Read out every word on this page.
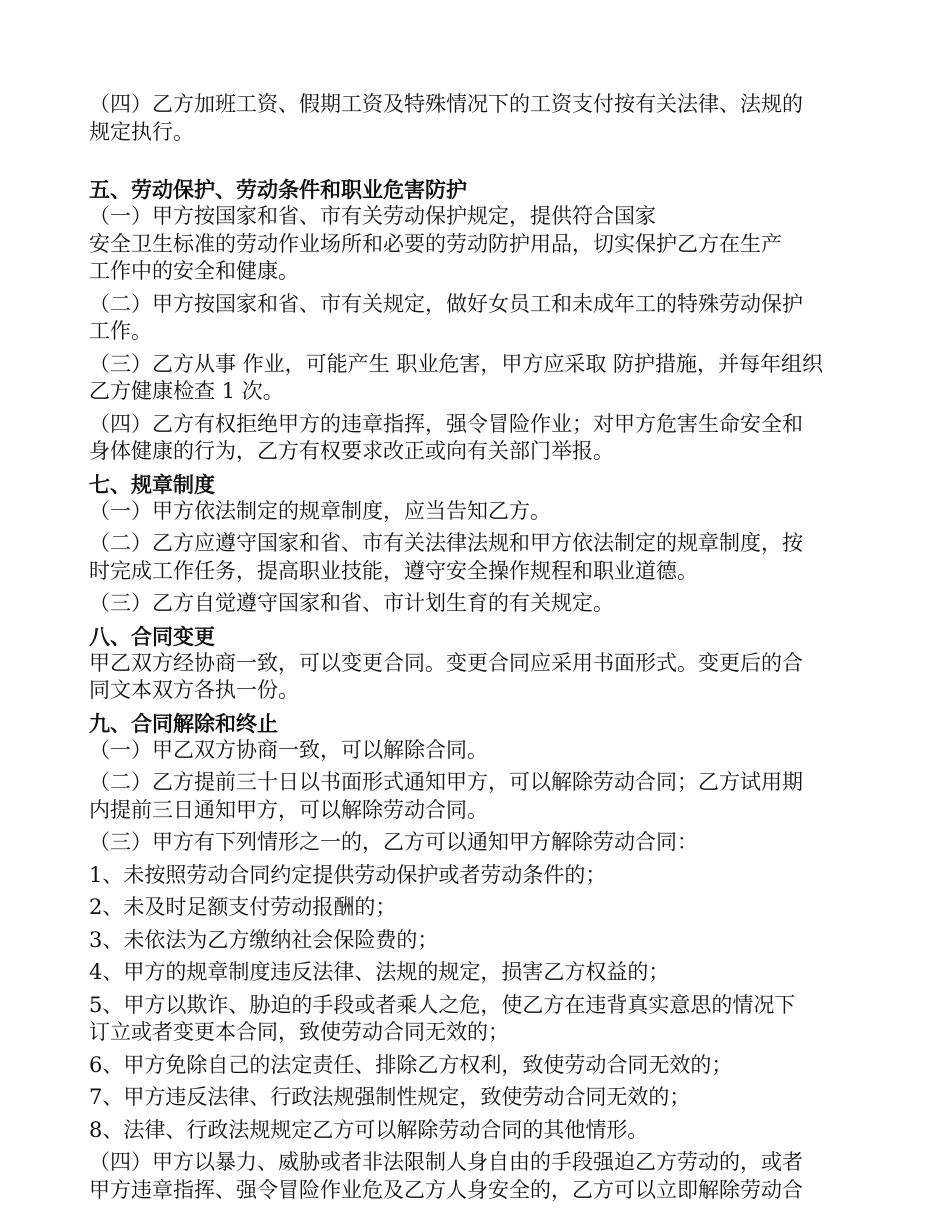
（四）乙方加班工资、假期工资及特殊情况下的工资支付按有关法律、法规的
规定执行。
五、劳动保护、劳动条件和职业危害防护
（一）甲方按国家和省、市有关劳动保护规定，提供符合国家
安全卫生标准的劳动作业场所和必要的劳动防护用品，切实保护乙方在生产
工作中的安全和健康。
（二）甲方按国家和省、市有关规定，做好女员工和未成年工的特殊劳动保护
工作。
（三）乙方从事 作业，可能产生 职业危害，甲方应采取 防护措施，并每年组织
乙方健康检查 1 次。
（四）乙方有权拒绝甲方的违章指挥，强令冒险作业；对甲方危害生命安全和
身体健康的行为，乙方有权要求改正或向有关部门举报。
七、规章制度
（一）甲方依法制定的规章制度，应当告知乙方。
（二）乙方应遵守国家和省、市有关法律法规和甲方依法制定的规章制度，按
时完成工作任务，提高职业技能，遵守安全操作规程和职业道德。
（三）乙方自觉遵守国家和省、市计划生育的有关规定。
八、合同变更
甲乙双方经协商一致，可以变更合同。变更合同应采用书面形式。变更后的合
同文本双方各执一份。
九、合同解除和终止
（一）甲乙双方协商一致，可以解除合同。
（二）乙方提前三十日以书面形式通知甲方，可以解除劳动合同；乙方试用期
内提前三日通知甲方，可以解除劳动合同。
（三）甲方有下列情形之一的，乙方可以通知甲方解除劳动合同：
1、未按照劳动合同约定提供劳动保护或者劳动条件的；
2、未及时足额支付劳动报酬的；
3、未依法为乙方缴纳社会保险费的；
4、甲方的规章制度违反法律、法规的规定，损害乙方权益的；
5、甲方以欺诈、胁迫的手段或者乘人之危，使乙方在违背真实意思的情况下
订立或者变更本合同，致使劳动合同无效的；
6、甲方免除自己的法定责任、排除乙方权利，致使劳动合同无效的；
7、甲方违反法律、行政法规强制性规定，致使劳动合同无效的；
8、法律、行政法规规定乙方可以解除劳动合同的其他情形。
（四）甲方以暴力、威胁或者非法限制人身自由的手段强迫乙方劳动的，或者
甲方违章指挥、强令冒险作业危及乙方人身安全的，乙方可以立即解除劳动合
